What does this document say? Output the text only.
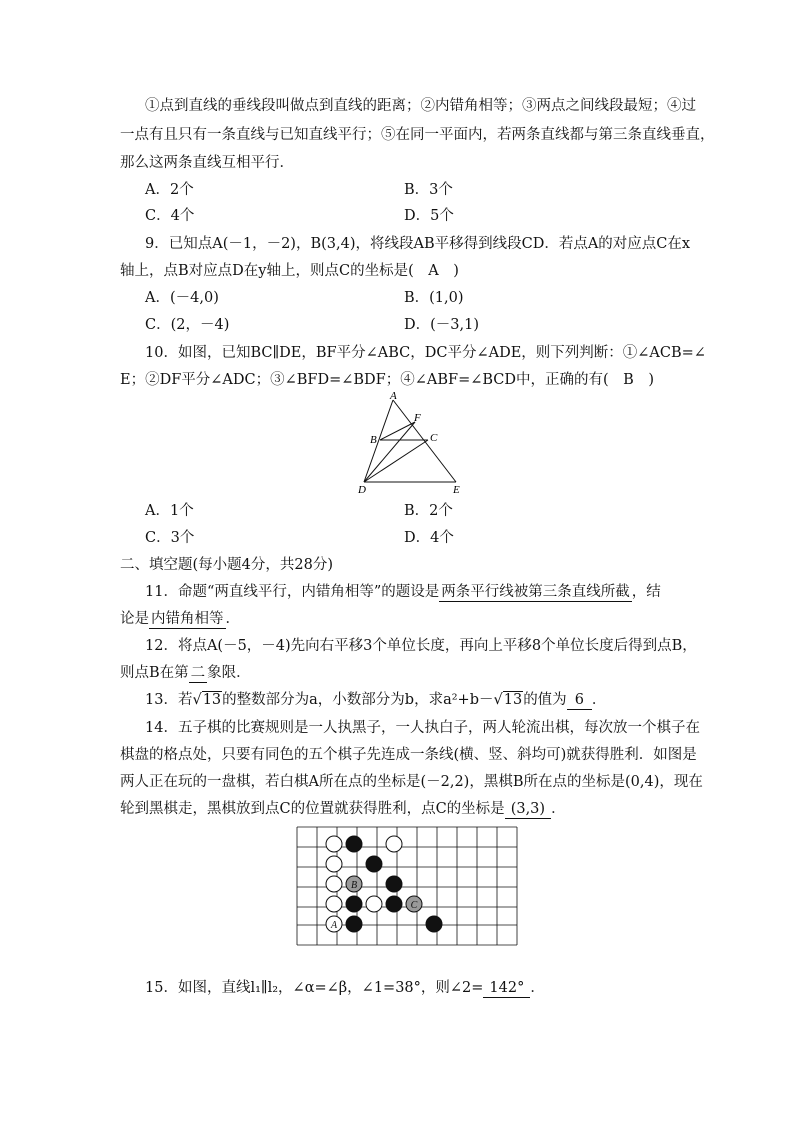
①点到直线的垂线段叫做点到直线的距离；②内错角相等；③两点之间线段最短；④过
一点有且只有一条直线与已知直线平行；⑤在同一平面内，若两条直线都与第三条直线垂直，
那么这两条直线互相平行．
A．2个	B．3个
C．4个	D．5个
9．已知点A(－1，－2)，B(3,4)，将线段AB平移得到线段CD．若点A的对应点C在x
轴上，点B对应点D在y轴上，则点C的坐标是(　A　)
A．(－4,0)	B．(1,0)
C．(2，－4)	D．(－3,1)
10．如图，已知BC∥DE，BF平分∠ABC，DC平分∠ADE，则下列判断：①∠ACB=∠
E；②DF平分∠ADC；③∠BFD=∠BDF；④∠ABF=∠BCD中，正确的有(　B　)
A
F
B	C
D	E
A．1个	B．2个
C．3个	D．4个
二、填空题(每小题4分，共28分)
11．命题“两直线平行，内错角相等”的题设是 两条平行线被第三条直线所截 ，结
论是 内错角相等 ．
12．将点A(－5，－4)先向右平移3个单位长度，再向上平移8个单位长度后得到点B，
则点B在第 二 象限．
13．若√13的整数部分为a，小数部分为b，求a²+b－√13的值为 6 ．
14．五子棋的比赛规则是一人执黑子，一人执白子，两人轮流出棋，每次放一个棋子在
棋盘的格点处，只要有同色的五个棋子先连成一条线(横、竖、斜均可)就获得胜利．如图是
两人正在玩的一盘棋，若白棋A所在点的坐标是(－2,2)，黑棋B所在点的坐标是(0,4)，现在
轮到黑棋走，黑棋放到点C的位置就获得胜利，点C的坐标是 (3,3) ．
B
C
A
15．如图，直线l₁∥l₂，∠α=∠β，∠1=38°，则∠2= 142° ．
